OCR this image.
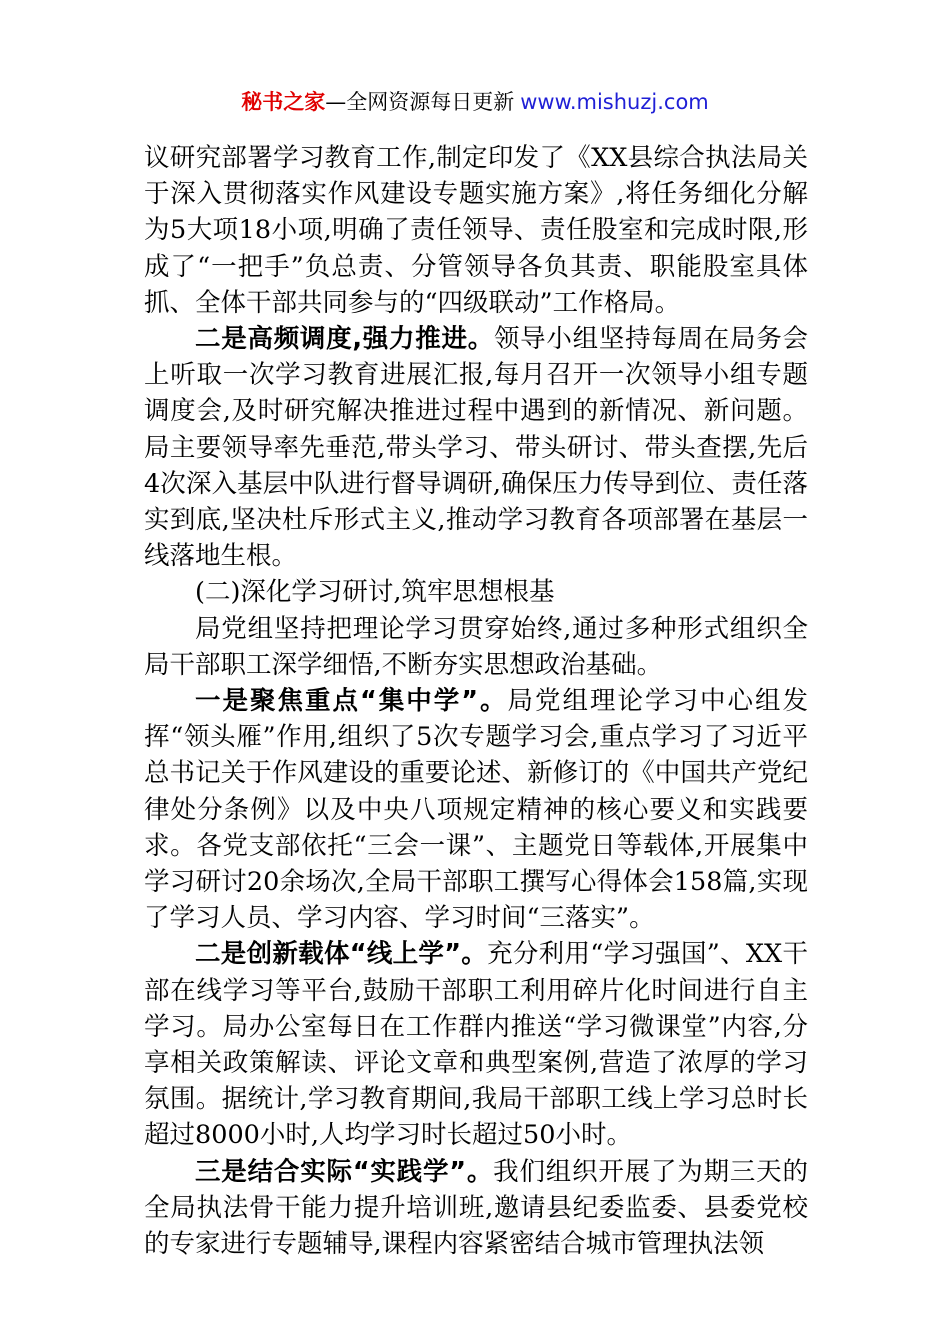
秘书之家—全网资源每日更新 www.mishuzj.com

议研究部署学习教育工作,制定印发了《XX县综合执法局关于深入贯彻落实作风建设专题实施方案》,将任务细化分解为5大项18小项,明确了责任领导、责任股室和完成时限,形成了“一把手”负总责、分管领导各负其责、职能股室具体抓、全体干部共同参与的“四级联动”工作格局。

二是高频调度,强力推进。领导小组坚持每周在局务会上听取一次学习教育进展汇报,每月召开一次领导小组专题调度会,及时研究解决推进过程中遇到的新情况、新问题。局主要领导率先垂范,带头学习、带头研讨、带头查摆,先后4次深入基层中队进行督导调研,确保压力传导到位、责任落实到底,坚决杜斥形式主义,推动学习教育各项部署在基层一线落地生根。

(二)深化学习研讨,筑牢思想根基

局党组坚持把理论学习贯穿始终,通过多种形式组织全局干部职工深学细悟,不断夯实思想政治基础。

一是聚焦重点“集中学”。局党组理论学习中心组发挥“领头雁”作用,组织了5次专题学习会,重点学习了习近平总书记关于作风建设的重要论述、新修订的《中国共产党纪律处分条例》以及中央八项规定精神的核心要义和实践要求。各党支部依托“三会一课”、主题党日等载体,开展集中学习研讨20余场次,全局干部职工撰写心得体会158篇,实现了学习人员、学习内容、学习时间“三落实”。

二是创新载体“线上学”。充分利用“学习强国”、XX干部在线学习等平台,鼓励干部职工利用碎片化时间进行自主学习。局办公室每日在工作群内推送“学习微课堂”内容,分享相关政策解读、评论文章和典型案例,营造了浓厚的学习氛围。据统计,学习教育期间,我局干部职工线上学习总时长超过8000小时,人均学习时长超过50小时。

三是结合实际“实践学”。我们组织开展了为期三天的全局执法骨干能力提升培训班,邀请县纪委监委、县委党校的专家进行专题辅导,课程内容紧密结合城市管理执法领
